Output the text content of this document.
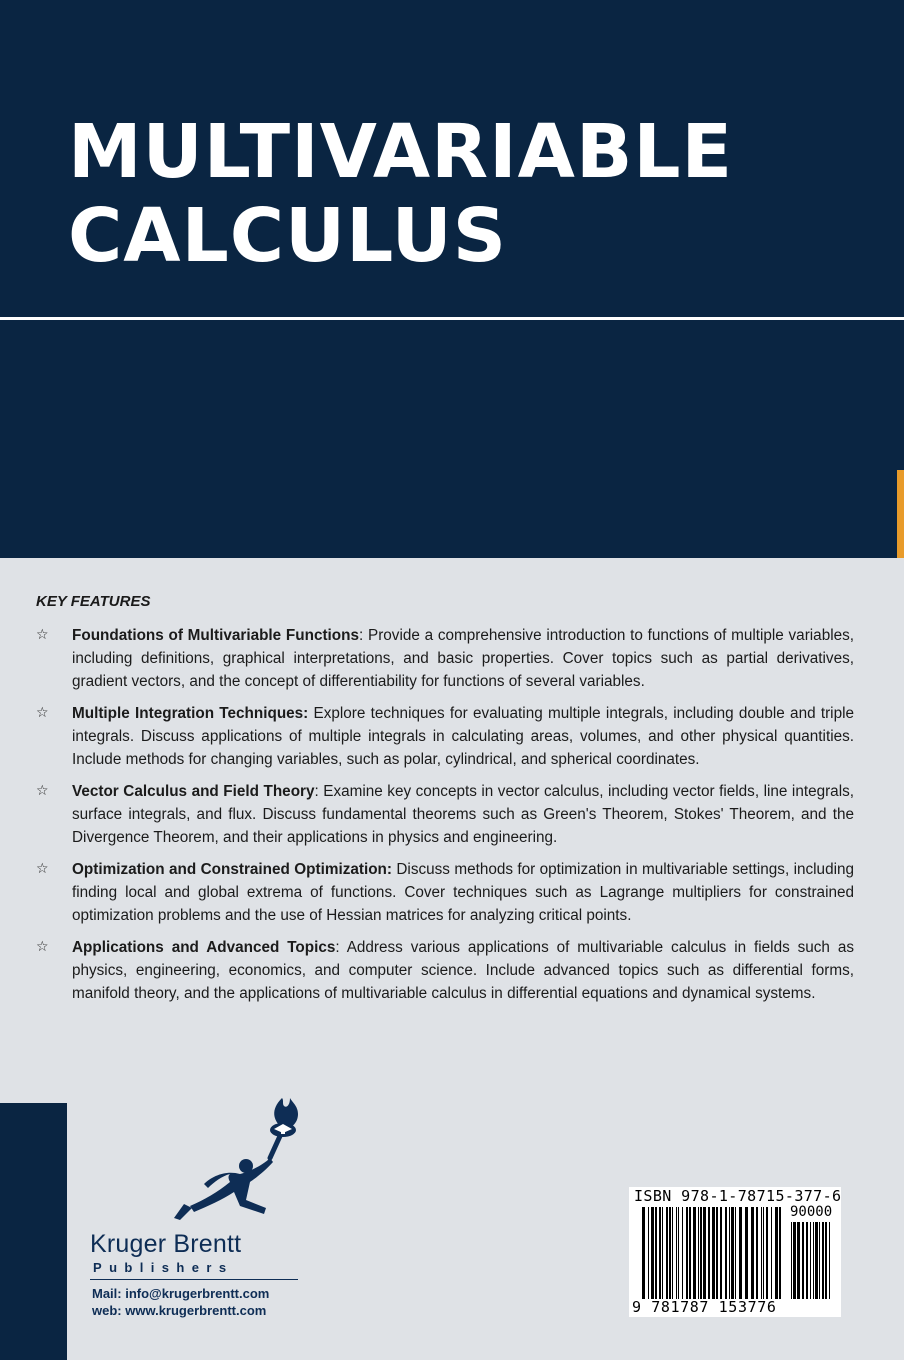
MULTIVARIABLE
CALCULUS
KEY FEATURES
☆ Foundations of Multivariable Functions: Provide a comprehensive introduction to functions of multiple variables, including definitions, graphical interpretations, and basic properties. Cover topics such as partial derivatives, gradient vectors, and the concept of differentiability for functions of several variables.
☆ Multiple Integration Techniques: Explore techniques for evaluating multiple integrals, including double and triple integrals. Discuss applications of multiple integrals in calculating areas, volumes, and other physical quantities. Include methods for changing variables, such as polar, cylindrical, and spherical coordinates.
☆ Vector Calculus and Field Theory: Examine key concepts in vector calculus, including vector fields, line integrals, surface integrals, and flux. Discuss fundamental theorems such as Green's Theorem, Stokes' Theorem, and the Divergence Theorem, and their applications in physics and engineering.
☆ Optimization and Constrained Optimization: Discuss methods for optimization in multivariable settings, including finding local and global extrema of functions. Cover techniques such as Lagrange multipliers for constrained optimization problems and the use of Hessian matrices for analyzing critical points.
☆ Applications and Advanced Topics: Address various applications of multivariable calculus in fields such as physics, engineering, economics, and computer science. Include advanced topics such as differential forms, manifold theory, and the applications of multivariable calculus in differential equations and dynamical systems.

Kruger Brentt

Publishers

Mail: info@krugerbrentt.com
web: www.krugerbrentt.com

ISBN 978-1-78715-377-6

90000

9 781787 153776
